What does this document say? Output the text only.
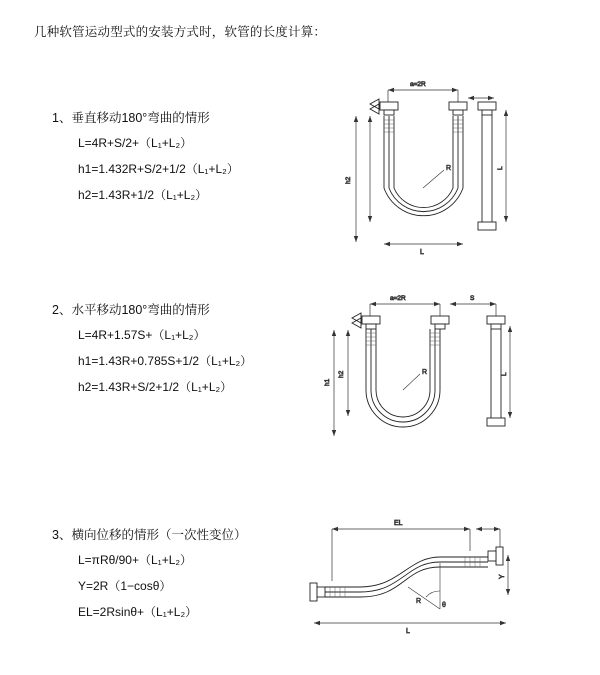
几种软管运动型式的安装方式时，软管的长度计算：
1、垂直移动180°弯曲的情形
L=4R+S/2+（L₁+L₂）
h1=1.432R+S/2+1/2（L₁+L₂）
h2=1.43R+1/2（L₁+L₂）
a=2R
h2
L
R
L
2、水平移动180°弯曲的情形
L=4R+1.57S+（L₁+L₂）
h1=1.43R+0.785S+1/2（L₁+L₂）
h2=1.43R+S/2+1/2（L₁+L₂）
a=2R	S
h1
h2	L
R
3、横向位移的情形（一次性变位）
L=πRθ/90+（L₁+L₂）
Y=2R（1−cosθ）
EL=2Rsinθ+（L₁+L₂）
EL
Y
L
θ
R
